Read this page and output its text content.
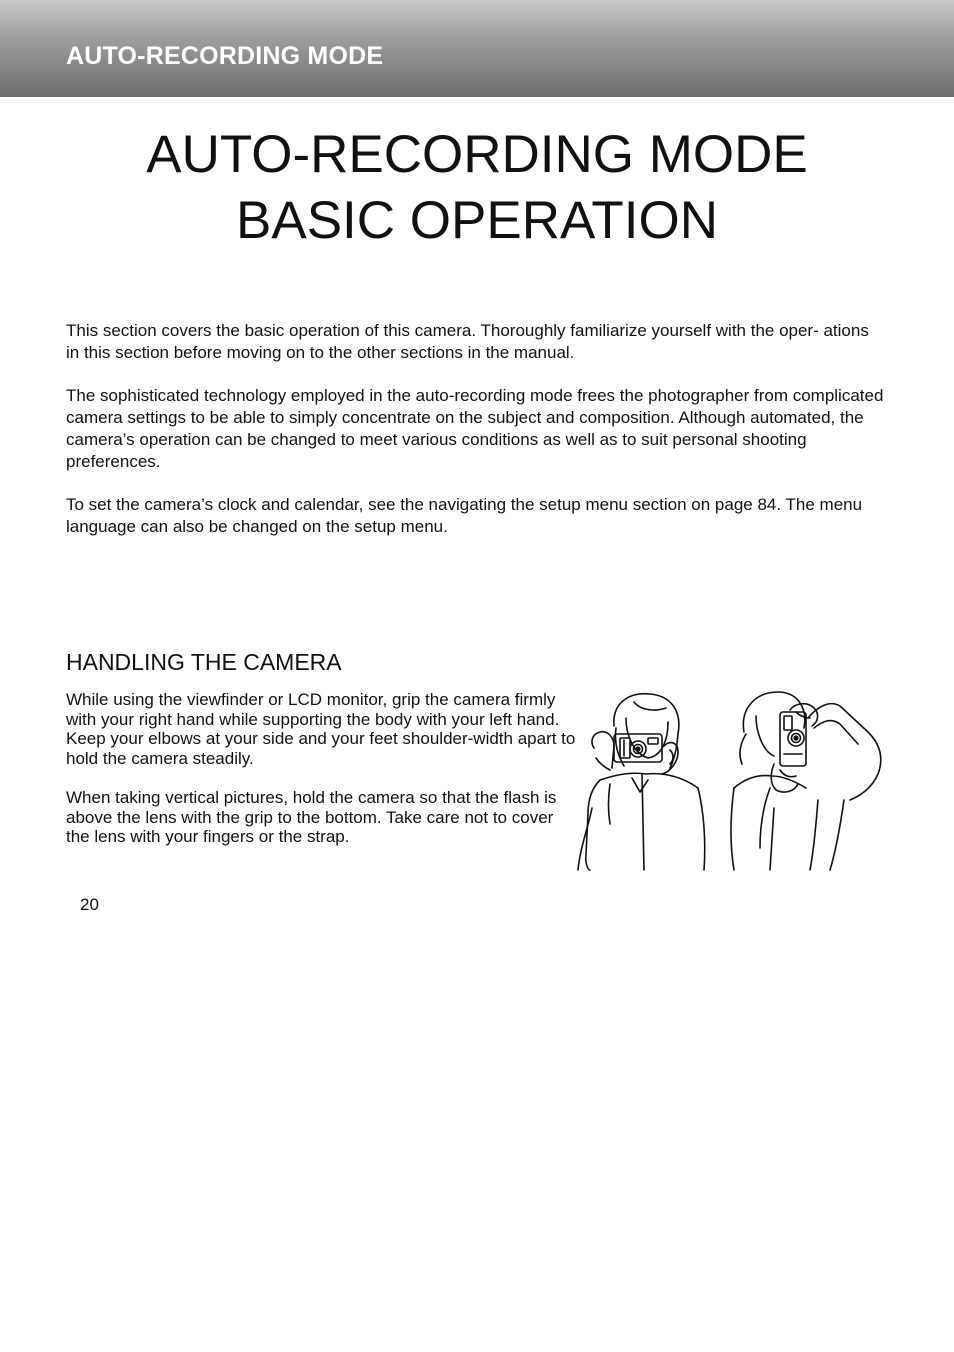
AUTO-RECORDING MODE
AUTO-RECORDING MODE
BASIC OPERATION

This section covers the basic operation of this camera. Thoroughly familiarize yourself with the oper- ations in this section before moving on to the other sections in the manual.

The sophisticated technology employed in the auto-recording mode frees the photographer from complicated camera settings to be able to simply concentrate on the subject and composition. Although automated, the camera’s operation can be changed to meet various conditions as well as to suit personal shooting preferences.

To set the camera’s clock and calendar, see the navigating the setup menu section on page 84. The menu language can also be changed on the setup menu.

HANDLING THE CAMERA

While using the viewfinder or LCD monitor, grip the camera firmly with your right hand while supporting the body with your left hand. Keep your elbows at your side and your feet shoulder-width apart to hold the camera steadily.

When taking vertical pictures, hold the camera so that the flash is above the lens with the grip to the bottom. Take care not to cover the lens with your fingers or the strap.

20
